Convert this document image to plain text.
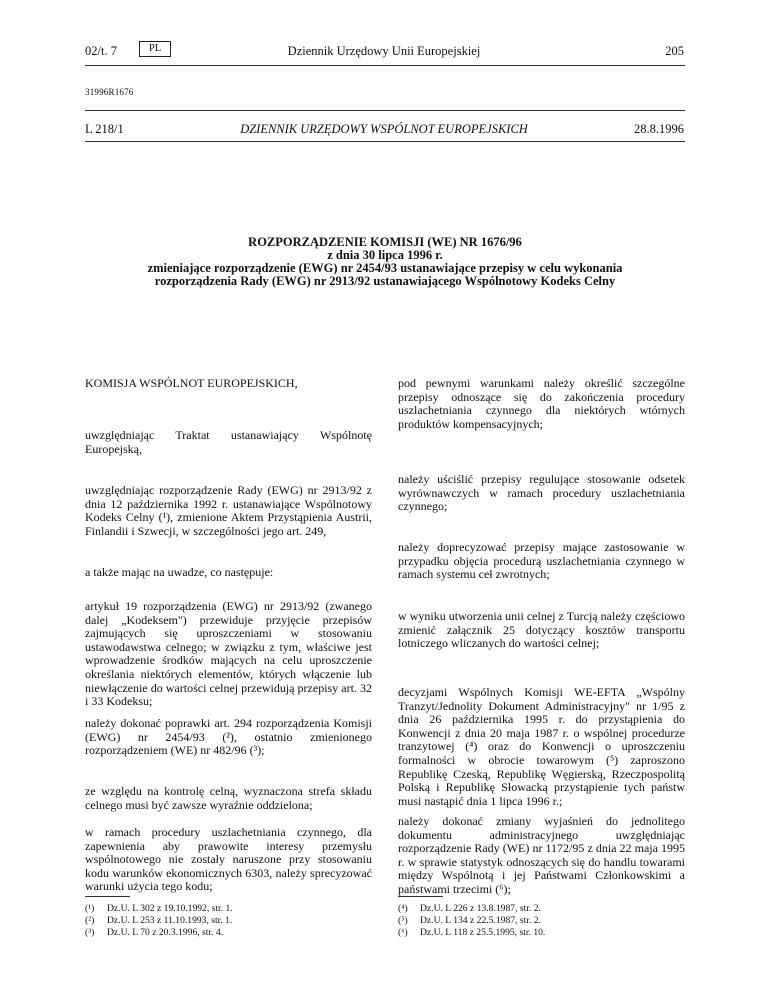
02/t. 7	PL	Dziennik Urzędowy Unii Europejskiej	205
31996R1676
L 218/1	DZIENNIK URZĘDOWY WSPÓLNOT EUROPEJSKICH	28.8.1996
ROZPORZĄDZENIE KOMISJI (WE) NR 1676/96
z dnia 30 lipca 1996 r.
zmieniające rozporządzenie (EWG) nr 2454/93 ustanawiające przepisy w celu wykonania
rozporządzenia Rady (EWG) nr 2913/92 ustanawiającego Wspólnotowy Kodeks Celny

KOMISJA WSPÓLNOT EUROPEJSKICH,

uwzględniając Traktat ustanawiający Wspólnotę Europejską,

uwzględniając rozporządzenie Rady (EWG) nr 2913/92 z dnia 12 października 1992 r. ustanawiające Wspólnotowy Kodeks Celny (¹), zmienione Aktem Przystąpienia Austrii, Finlandii i Szwecji, w szczególności jego art. 249,

a także mając na uwadze, co następuje:

artykuł 19 rozporządzenia (EWG) nr 2913/92 (zwanego dalej „Kodeksem") przewiduje przyjęcie przepisów zajmujących się uproszczeniami w stosowaniu ustawodawstwa celnego; w związku z tym, właściwe jest wprowadzenie środków mających na celu uproszczenie określania niektórych elementów, których włączenie lub niewłączenie do wartości celnej przewidują przepisy art. 32 i 33 Kodeksu;

należy dokonać poprawki art. 294 rozporządzenia Komisji (EWG) nr 2454/93 (²), ostatnio zmienionego rozporządzeniem (WE) nr 482/96 (³);

ze względu na kontrolę celną, wyznaczona strefa składu celnego musi być zawsze wyraźnie oddzielona;

w ramach procedury uszlachetniania czynnego, dla zapewnienia aby prawowite interesy przemysłu wspólnotowego nie zostały naruszone przy stosowaniu kodu warunków ekonomicznych 6303, należy sprecyzować warunki użycia tego kodu;

pod pewnymi warunkami należy określić szczególne przepisy odnoszące się do zakończenia procedury uszlachetniania czynnego dla niektórych wtórnych produktów kompensacyjnych;

należy uściślić przepisy regulujące stosowanie odsetek wyrównawczych w ramach procedury uszlachetniania czynnego;

należy doprecyzować przepisy mające zastosowanie w przypadku objęcia procedurą uszlachetniania czynnego w ramach systemu ceł zwrotnych;

w wyniku utworzenia unii celnej z Turcją należy częściowo zmienić załącznik 25 dotyczący kosztów transportu lotniczego wliczanych do wartości celnej;

decyzjami Wspólnych Komisji WE-EFTA „Wspólny Tranzyt/Jednolity Dokument Administracyjny" nr 1/95 z dnia 26 października 1995 r. do przystąpienia do Konwencji z dnia 20 maja 1987 r. o wspólnej procedurze tranzytowej (⁴) oraz do Konwencji o uproszczeniu formalności w obrocie towarowym (⁵) zaproszono Republikę Czeską, Republikę Węgierską, Rzeczpospolitą Polską i Republikę Słowacką przystąpienie tych państw musi nastąpić dnia 1 lipca 1996 r.;

należy dokonać zmiany wyjaśnień do jednolitego dokumentu administracyjnego uwzględniając rozporządzenie Rady (WE) nr 1172/95 z dnia 22 maja 1995 r. w sprawie statystyk odnoszących się do handlu towarami między Wspólnotą i jej Państwami Członkowskimi a państwami trzecimi (⁶);

(¹) Dz.U. L 302 z 19.10.1992, str. 1.
(²) Dz.U. L 253 z 11.10.1993, str. 1.
(³) Dz.U. L 70 z 20.3.1996, str. 4.
(⁴) Dz.U. L 226 z 13.8.1987, str. 2.
(⁵) Dz.U. L 134 z 22.5.1987, str. 2.
(⁶) Dz.U. L 118 z 25.5.1995, str. 10.
